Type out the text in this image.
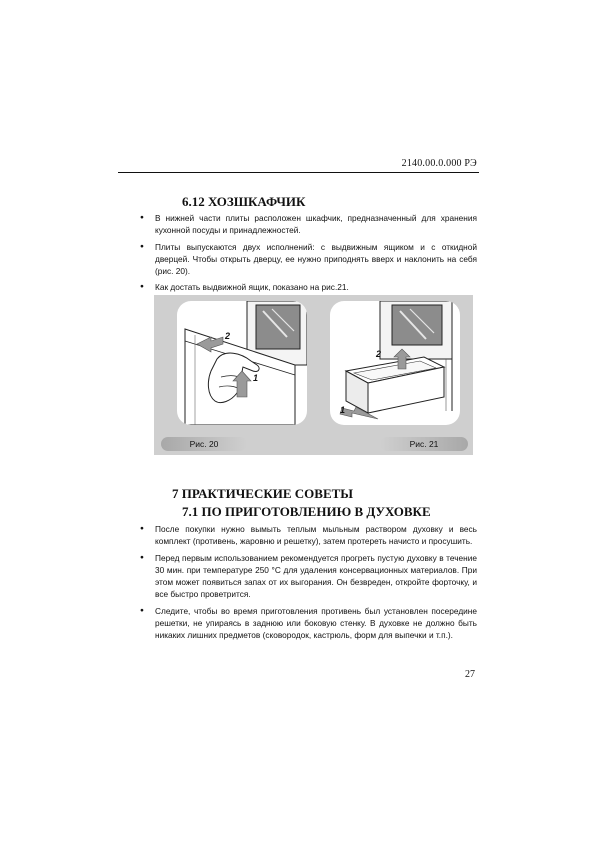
2140.00.0.000 РЭ
6.12 ХОЗШКАФЧИК
● В нижней части плиты расположен шкафчик, предназначенный для хранения кухонной посуды и принадлежностей.
● Плиты выпускаются двух исполнений: с выдвижным ящиком и с откидной дверцей. Чтобы открыть дверцу, ее нужно приподнять вверх и наклонить на себя (рис. 20).
● Как достать выдвижной ящик, показано на рис.21.
2
1
2
1
Рис. 20	Рис. 21
7 ПРАКТИЧЕСКИЕ СОВЕТЫ
7.1 ПО ПРИГОТОВЛЕНИЮ В ДУХОВКЕ
● После покупки нужно вымыть теплым мыльным раствором духовку и весь комплект (противень, жаровню и решетку), затем протереть начисто и просушить.
● Перед первым использованием рекомендуется прогреть пустую духовку в течение 30 мин. при температуре 250 °С для удаления консервационных материалов. При этом может появиться запах от их выгорания. Он безвреден, откройте форточку, и все быстро проветрится.
● Следите, чтобы во время приготовления противень был установлен посередине решетки, не упираясь в заднюю или боковую стенку. В духовке не должно быть никаких лишних предметов (сковородок, кастрюль, форм для выпечки и т.п.).
27
